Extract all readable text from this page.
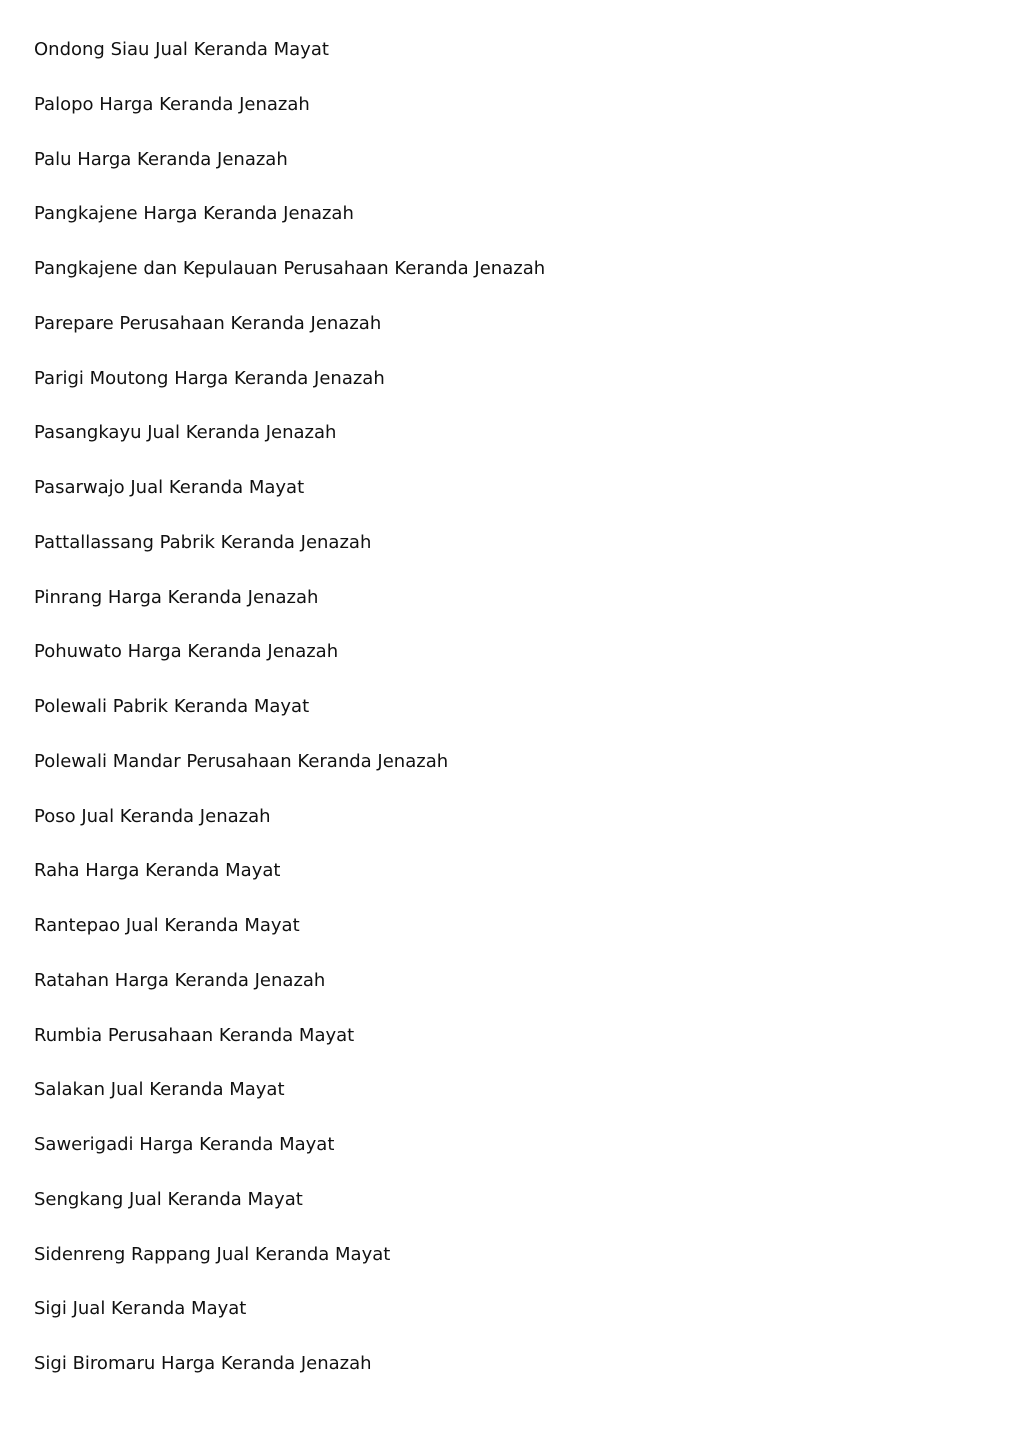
Ondong Siau Jual Keranda Mayat
Palopo Harga Keranda Jenazah
Palu Harga Keranda Jenazah
Pangkajene Harga Keranda Jenazah
Pangkajene dan Kepulauan Perusahaan Keranda Jenazah
Parepare Perusahaan Keranda Jenazah
Parigi Moutong Harga Keranda Jenazah
Pasangkayu Jual Keranda Jenazah
Pasarwajo Jual Keranda Mayat
Pattallassang Pabrik Keranda Jenazah
Pinrang Harga Keranda Jenazah
Pohuwato Harga Keranda Jenazah
Polewali Pabrik Keranda Mayat
Polewali Mandar Perusahaan Keranda Jenazah
Poso Jual Keranda Jenazah
Raha Harga Keranda Mayat
Rantepao Jual Keranda Mayat
Ratahan Harga Keranda Jenazah
Rumbia Perusahaan Keranda Mayat
Salakan Jual Keranda Mayat
Sawerigadi Harga Keranda Mayat
Sengkang Jual Keranda Mayat
Sidenreng Rappang Jual Keranda Mayat
Sigi Jual Keranda Mayat
Sigi Biromaru Harga Keranda Jenazah
